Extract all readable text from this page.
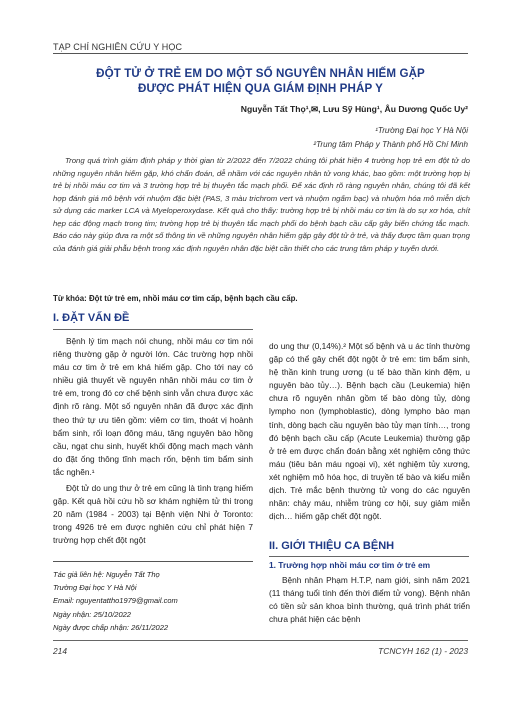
TẠP CHÍ NGHIÊN CỨU Y HỌC
ĐỘT TỬ Ở TRẺ EM DO MỘT SỐ NGUYÊN NHÂN HIẾM GẶP
ĐƯỢC PHÁT HIỆN QUA GIÁM ĐỊNH PHÁP Y
Nguyễn Tất Thọ¹,✉, Lưu Sỹ Hùng¹, Âu Dương Quốc Uy²
¹Trường Đại học Y Hà Nội
²Trung tâm Pháp y Thành phố Hồ Chí Minh
Trong quá trình giám định pháp y thời gian từ 2/2022 đến 7/2022 chúng tôi phát hiện 4 trường hợp trẻ em đột tử do những nguyên nhân hiếm gặp, khó chẩn đoán, dễ nhầm với các nguyên nhân tử vong khác, bao gồm: một trường hợp bị trẻ bị nhồi máu cơ tim và 3 trường hợp trẻ bị thuyên tắc mạch phổi. Để xác định rõ ràng nguyên nhân, chúng tôi đã kết hợp đánh giá mô bệnh với nhuộm đặc biệt (PAS, 3 màu trichrom vert và nhuộm ngấm bạc) và nhuộm hóa mô miễn dịch sử dụng các marker LCA và Myeloperoxydase. Kết quả cho thấy: trường hợp trẻ bị nhồi máu cơ tim là do sự xơ hóa, chít hẹp các động mạch trong tim; trường hợp trẻ bị thuyên tắc mạch phổi do bệnh bạch cầu cấp gây biến chứng tắc mạch. Báo cáo này giúp đưa ra một số thông tin về những nguyên nhân hiếm gặp gây đột tử ở trẻ, và thấy được tầm quan trọng của đánh giá giải phẫu bệnh trong xác định nguyên nhân đặc biệt cần thiết cho các trung tâm pháp y tuyến dưới.
Từ khóa: Đột tử trẻ em, nhồi máu cơ tim cấp, bệnh bạch cầu cấp.
I. ĐẶT VẤN ĐỀ

Bệnh lý tim mạch nói chung, nhồi máu cơ tim nói riêng thường gặp ở người lớn. Các trường hợp nhồi máu cơ tim ở trẻ em khá hiếm gặp. Cho tới nay có nhiều giả thuyết về nguyên nhân nhồi máu cơ tim ở trẻ em, trong đó cơ chế bệnh sinh vẫn chưa được xác định rõ ràng. Một số nguyên nhân đã được xác định theo thứ tự ưu tiên gồm: viêm cơ tim, thoát vị hoành bẩm sinh, rối loạn đông máu, tăng nguyên bào hồng cầu, ngạt chu sinh, huyết khối động mạch mạch vành do đặt ống thông tĩnh mạch rốn, bệnh tim bẩm sinh tắc nghẽn.¹

Đột tử do ung thư ở trẻ em cũng là tình trạng hiếm gặp. Kết quả hồi cứu hồ sơ khám nghiệm tử thi trong 20 năm (1984 - 2003) tại Bệnh viện Nhi ở Toronto: trong 4926 trẻ em được nghiên cứu chỉ phát hiện 7 trường hợp chết đột ngột

do ung thư (0,14%).² Một số bệnh và u ác tính thường gặp có thể gây chết đột ngột ở trẻ em: tim bẩm sinh, hệ thần kinh trung ương (u tế bào thần kinh đệm, u nguyên bào tủy…). Bệnh bạch cầu (Leukemia) hiện chưa rõ nguyên nhân gồm tế bào dòng tủy, dòng lympho non (lymphoblastic), dòng lympho bào mạn tính, dòng bạch cầu nguyên bào tủy mạn tính…, trong đó bệnh bạch cầu cấp (Acute Leukemia) thường gặp ở trẻ em được chẩn đoán bằng xét nghiệm công thức máu (tiêu bản máu ngoại vi), xét nghiệm tủy xương, xét nghiệm mô hóa học, di truyền tế bào và kiểu miễn dịch. Trẻ mắc bệnh thường tử vong do các nguyên nhân: chảy máu, nhiễm trùng cơ hội, suy giảm miễn dịch… hiếm gặp chết đột ngột.

II. GIỚI THIỆU CA BỆNH
1. Trường hợp nhồi máu cơ tim ở trẻ em

Bệnh nhân Phạm H.T.P, nam giới, sinh năm 2021 (11 tháng tuổi tính đến thời điểm tử vong). Bệnh nhân có tiền sử sản khoa bình thường, quá trình phát triển chưa phát hiện các bệnh

Tác giả liên hệ: Nguyễn Tất Thọ
Trường Đại học Y Hà Nội
Email: nguyentattho1979@gmail.com
Ngày nhận: 25/10/2022
Ngày được chấp nhận: 26/11/2022
214	TCNCYH 162 (1) - 2023
